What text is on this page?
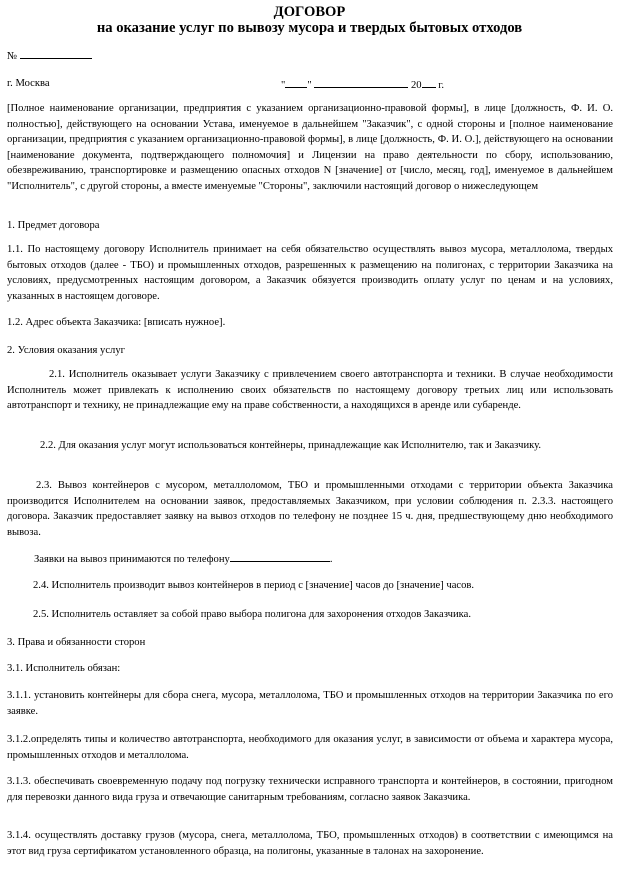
ДОГОВОР
на оказание услуг по вывозу мусора и твердых бытовых отходов
№
г. Москва	" "	20 г.

[Полное наименование организации, предприятия с указанием организационно-правовой формы], в лице [должность, Ф. И. О. полностью], действующего на основании Устава, именуемое в дальнейшем "Заказчик", с одной стороны и [полное наименование организации, предприятия с указанием организационно-правовой формы], в лице [должность, Ф. И. О.], действующего на основании [наименование документа, подтверждающего полномочия] и Лицензии на право деятельности по сбору, использованию, обезвреживанию, транспортировке и размещению опасных отходов N [значение] от [число, месяц, год], именуемое в дальнейшем "Исполнитель", с другой стороны, а вместе именуемые "Стороны", заключили настоящий договор о нижеследующем

1. Предмет договора

1.1. По настоящему договору Исполнитель принимает на себя обязательство осуществлять вывоз мусора, металлолома, твердых бытовых отходов (далее - ТБО) и промышленных отходов, разрешенных к размещению на полигонах, с территории Заказчика на условиях, предусмотренных настоящим договором, а Заказчик обязуется производить оплату услуг по ценам и на условиях, указанных в настоящем договоре.

1.2. Адрес объекта Заказчика: [вписать нужное].

2. Условия оказания услуг

2.1. Исполнитель оказывает услуги Заказчику с привлечением своего автотранспорта и техники. В случае необходимости Исполнитель может привлекать к исполнению своих обязательств по настоящему договору третьих лиц или использовать автотранспорт и технику, не принадлежащие ему на праве собственности, а находящихся в аренде или субаренде.

2.2. Для оказания услуг могут использоваться контейнеры, принадлежащие как Исполнителю, так и Заказчику.

2.3. Вывоз контейнеров с мусором, металлоломом, ТБО и промышленными отходами с территории объекта Заказчика производится Исполнителем на основании заявок, предоставляемых Заказчиком, при условии соблюдения п. 2.3.3. настоящего договора. Заказчик предоставляет заявку на вывоз отходов по телефону не позднее 15 ч. дня, предшествующему дню необходимого вывоза.

Заявки на вывоз принимаются по телефону	.

2.4. Исполнитель производит вывоз контейнеров в период с [значение] часов до [значение] часов.

2.5. Исполнитель оставляет за собой право выбора полигона для захоронения отходов Заказчика.

3. Права и обязанности сторон

3.1. Исполнитель обязан:

3.1.1. установить контейнеры для сбора снега, мусора, металлолома, ТБО и промышленных отходов на территории Заказчика по его заявке.

3.1.2.определять типы и количество автотранспорта, необходимого для оказания услуг, в зависимости от объема и характера мусора, промышленных отходов и металлолома.

3.1.3. обеспечивать своевременную подачу под погрузку технически исправного транспорта и контейнеров, в состоянии, пригодном для перевозки данного вида груза и отвечающие санитарным требованиям, согласно заявок Заказчика.

3.1.4. осуществлять доставку грузов (мусора, снега, металлолома, ТБО, промышленных отходов) в соответствии с имеющимся на этот вид груза сертификатом установленного образца, на полигоны, указанные в талонах на захоронение.
